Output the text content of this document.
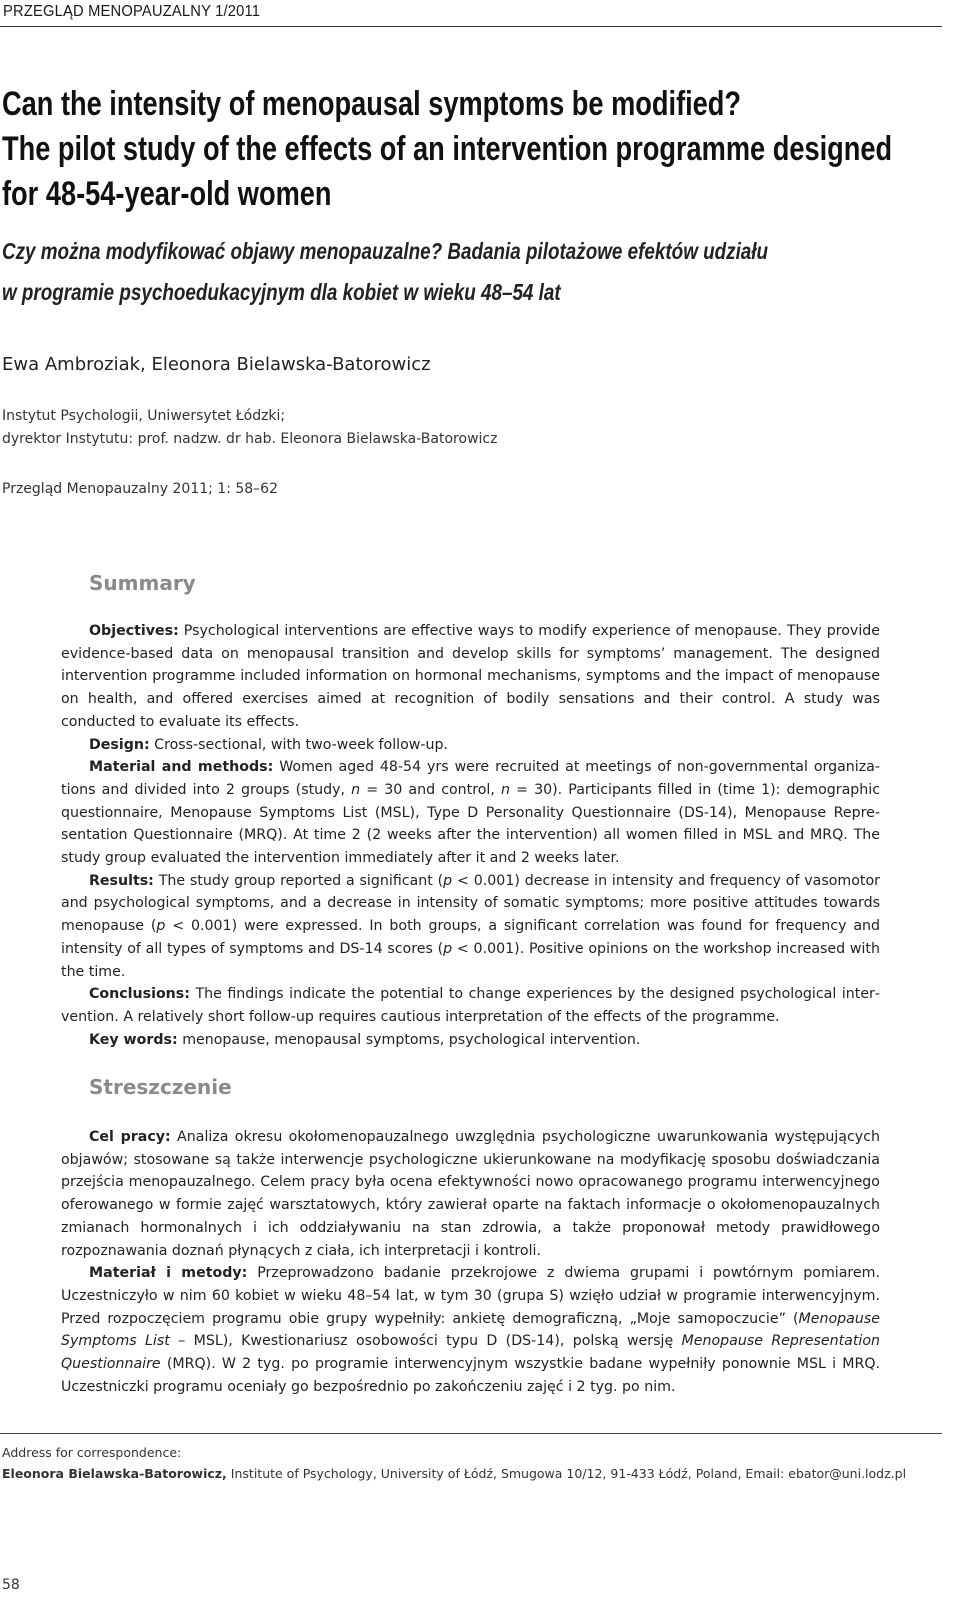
PRZEGLĄD MENOPAUZALNY 1/2011
Can the intensity of menopausal symptoms be modified?
The pilot study of the effects of an intervention programme designed
for 48-54-year-old women
Czy można modyfikować objawy menopauzalne? Badania pilotażowe efektów udziału
w programie psychoedukacyjnym dla kobiet w wieku 48–54 lat
Ewa Ambroziak, Eleonora Bielawska-Batorowicz
Instytut Psychologii, Uniwersytet Łódzki;
dyrektor Instytutu: prof. nadzw. dr hab. Eleonora Bielawska-Batorowicz
Przegląd Menopauzalny 2011; 1: 58–62
Summary

Objectives: Psychological interventions are effective ways to modify experience of menopause. They provide evidence-based data on menopausal transition and develop skills for symptoms’ management. The designed intervention programme included information on hormonal mechanisms, symptoms and the impact of menopause on health, and offered exercises aimed at recognition of bodily sensations and their control. A study was conducted to evaluate its effects.

Design: Cross-sectional, with two-week follow-up.

Material and methods: Women aged 48-54 yrs were recruited at meetings of non-governmental organizations and divided into 2 groups (study, n = 30 and control, n = 30). Participants filled in (time 1): demographic questionnaire, Menopause Symptoms List (MSL), Type D Personality Questionnaire (DS-14), Menopause Representation Questionnaire (MRQ). At time 2 (2 weeks after the intervention) all women filled in MSL and MRQ. The study group evaluated the intervention immediately after it and 2 weeks later.

Results: The study group reported a significant (p < 0.001) decrease in intensity and frequency of vasomotor and psychological symptoms, and a decrease in intensity of somatic symptoms; more positive attitudes towards menopause (p < 0.001) were expressed. In both groups, a significant correlation was found for frequency and intensity of all types of symptoms and DS-14 scores (p < 0.001). Positive opinions on the workshop increased with the time.

Conclusions: The findings indicate the potential to change experiences by the designed psychological intervention. A relatively short follow-up requires cautious interpretation of the effects of the programme.

Key words: menopause, menopausal symptoms, psychological intervention.

Streszczenie

Cel pracy: Analiza okresu okołomenopauzalnego uwzględnia psychologiczne uwarunkowania występujących objawów; stosowane są także interwencje psychologiczne ukierunkowane na modyfikację sposobu doświadczania przejścia menopauzalnego. Celem pracy była ocena efektywności nowo opracowanego programu interwencyjnego oferowanego w formie zajęć warsztatowych, który zawierał oparte na faktach informacje o okołomenopauzalnych zmianach hormonalnych i ich oddziaływaniu na stan zdrowia, a także proponował metody prawidłowego rozpoznawania doznań płynących z ciała, ich interpretacji i kontroli.

Materiał i metody: Przeprowadzono badanie przekrojowe z dwiema grupami i powtórnym pomiarem. Uczestniczyło w nim 60 kobiet w wieku 48–54 lat, w tym 30 (grupa S) wzięło udział w programie interwencyjnym. Przed rozpoczęciem programu obie grupy wypełniły: ankietę demograficzną, „Moje samopoczucie” (Menopause Symptoms List – MSL), Kwestionariusz osobowości typu D (DS-14), polską wersję Menopause Representation Questionnaire (MRQ). W 2 tyg. po programie interwencyjnym wszystkie badane wypełniły ponownie MSL i MRQ. Uczestniczki programu oceniały go bezpośrednio po zakończeniu zajęć i 2 tyg. po nim.

Address for correspondence:
Eleonora Bielawska-Batorowicz, Institute of Psychology, University of Łódź, Smugowa 10/12, 91-433 Łódź, Poland, Email: ebator@uni.lodz.pl
58
